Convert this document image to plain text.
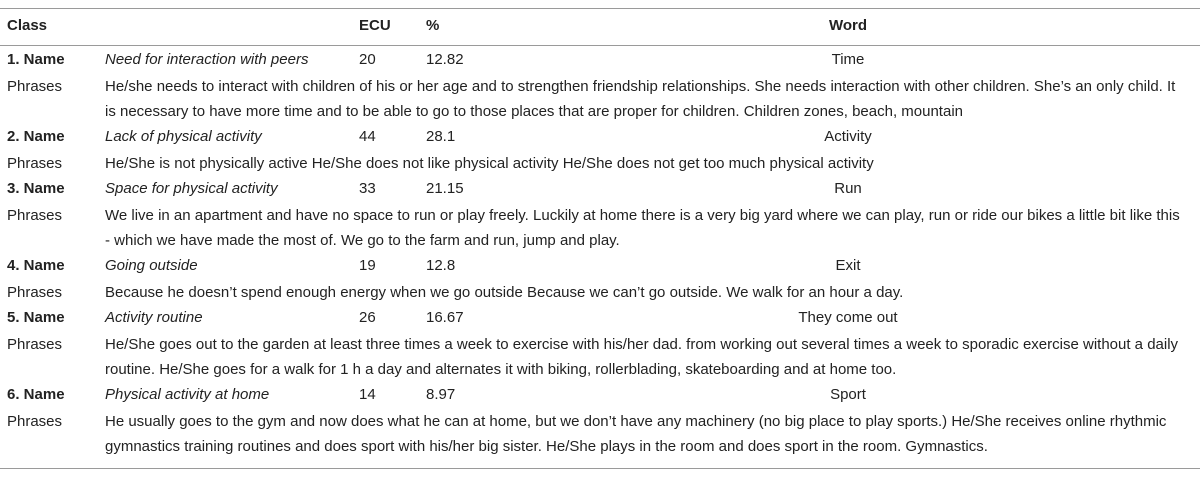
Class		ECU	%	Word
1. Name	Need for interaction with peers	20	12.82	Time
Phrases	He/she needs to interact with children of his or her age and to strengthen friendship relationships. She needs interaction with other children. She’s an only child. It is necessary to have more time and to be able to go to those places that are proper for children. Children zones, beach, mountain			
2. Name	Lack of physical activity	44	28.1	Activity
Phrases	He/She is not physically active He/She does not like physical activity He/She does not get too much physical activity			
3. Name	Space for physical activity	33	21.15	Run
Phrases	We live in an apartment and have no space to run or play freely. Luckily at home there is a very big yard where we can play, run or ride our bikes a little bit like this - which we have made the most of. We go to the farm and run, jump and play.			
4. Name	Going outside	19	12.8	Exit
Phrases	Because he doesn’t spend enough energy when we go outside Because we can’t go outside. We walk for an hour a day.			
5. Name	Activity routine	26	16.67	They come out
Phrases	He/She goes out to the garden at least three times a week to exercise with his/her dad. from working out several times a week to sporadic exercise without a daily routine. He/She goes for a walk for 1 h a day and alternates it with biking, rollerblading, skateboarding and at home too.			
6. Name	Physical activity at home	14	8.97	Sport
Phrases	He usually goes to the gym and now does what he can at home, but we don’t have any machinery (no big place to play sports.) He/She receives online rhythmic gymnastics training routines and does sport with his/her big sister. He/She plays in the room and does sport in the room. Gymnastics.			
